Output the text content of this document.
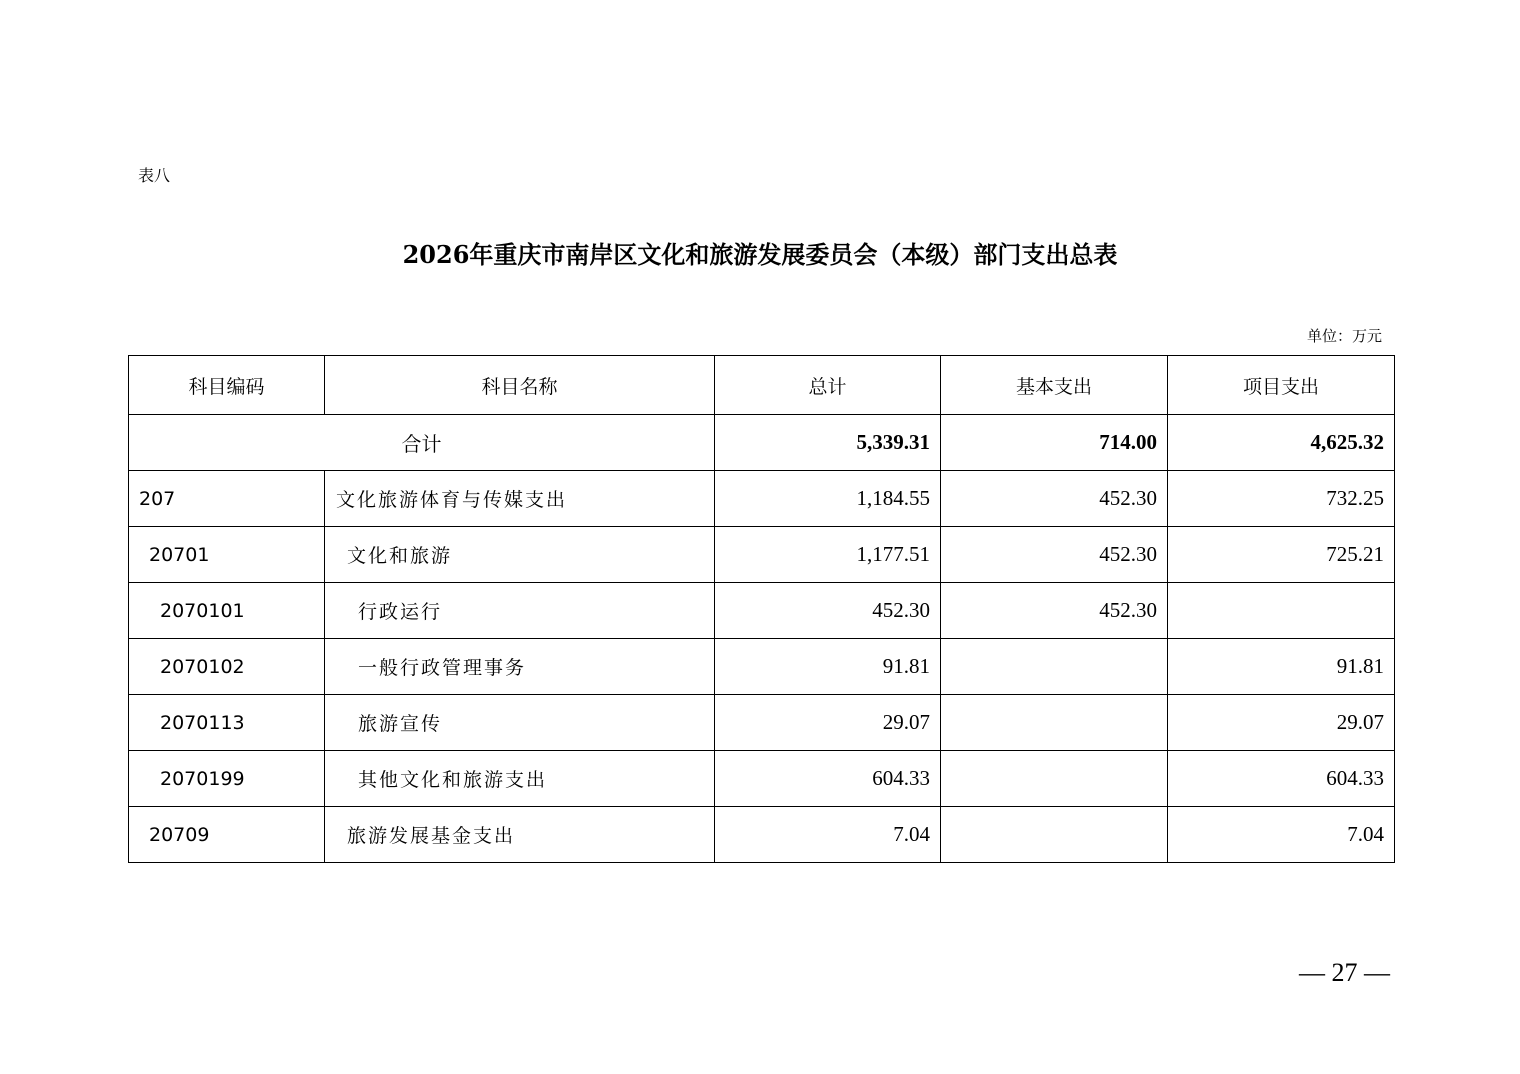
表八
2026年重庆市南岸区文化和旅游发展委员会（本级）部门支出总表
单位：万元
科目编码	科目名称	总计	基本支出	项目支出
合计		5,339.31	714.00	4,625.32
207	文化旅游体育与传媒支出	1,184.55	452.30	732.25
20701	文化和旅游	1,177.51	452.30	725.21
2070101	行政运行	452.30	452.30	
2070102	一般行政管理事务	91.81		91.81
2070113	旅游宣传	29.07		29.07
2070199	其他文化和旅游支出	604.33		604.33
20709	旅游发展基金支出	7.04		7.04
— 27 —
